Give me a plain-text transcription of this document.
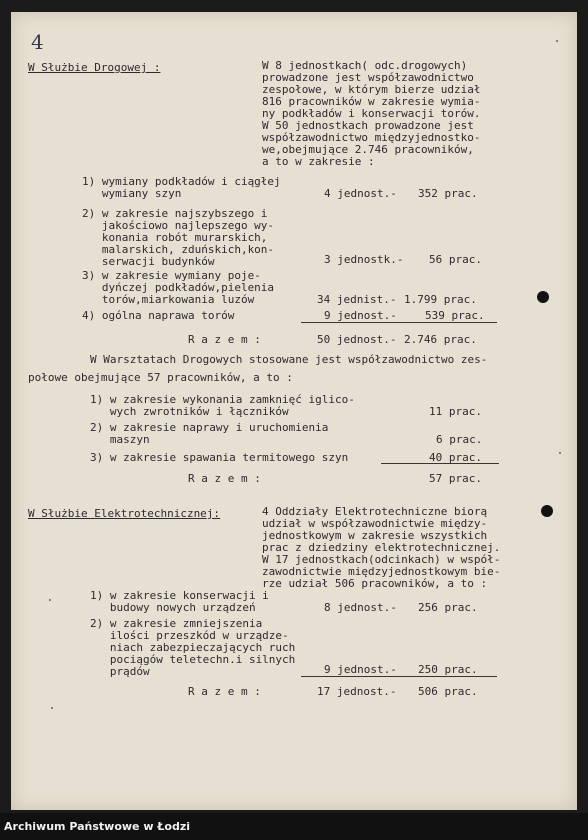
4
W Służbie Drogowej :	W 8 jednostkach( odc.drogowych)
prowadzone jest współzawodnictwo
zespołowe, w którym bierze udział
816 pracowników w zakresie wymia-
ny podkładów i konserwacji torów.
W 50 jednostkach prowadzone jest
współzawodnictwo międzyjednostko-
we,obejmujące 2.746 pracowników,
a to w zakresie :
1) wymiany podkładów i ciągłej
wymiany szyn	4 jednost.- 352 prac.
2) w zakresie najszybszego i
jakościowo najlepszego wy-
konania robót murarskich,
malarskich, zduńskich,kon-
serwacji budynków	3 jednostk.- 56 prac.
3) w zakresie wymiany poje-
dyńczej podkładów,pielenia
torów,miarkowania luzów	34 jednist.- 1.799 prac.
4) ogólna naprawa torów	9 jednost.-	539 prac.
R a z e m :	50 jednost.- 2.746 prac.
W Warsztatach Drogowych stosowane jest współzawodnictwo zes-
połowe obejmujące 57 pracowników, a to :
1) w zakresie wykonania zamknięć iglico-
wych zwrotników i łączników	11 prac.
2) w zakresie naprawy i uruchomienia
maszyn	6 prac.
3) w zakresie spawania termitowego szyn	40 prac.
R a z e m :	57 prac.
W Służbie Elektrotechnicznej:	4 Oddziały Elektrotechniczne biorą
udział w współzawodnictwie między-
jednostkowym w zakresie wszystkich
prac z dziedziny elektrotechnicznej.
W 17 jednostkach(odcinkach) w współ-
zawodnictwie międzyjednostkowym bie-
rze udział 506 pracowników, a to :
1) w zakresie konserwacji i
budowy nowych urządzeń	8 jednost.- 256 prac.
2) w zakresie zmniejszenia
ilości przeszkód w urządze-
niach zabezpieczających ruch
pociągów teletechn.i silnych
prądów	9 jednost.- 250 prac.
R a z e m :	17 jednost.- 506 prac.
Archiwum Państwowe w Łodzi
